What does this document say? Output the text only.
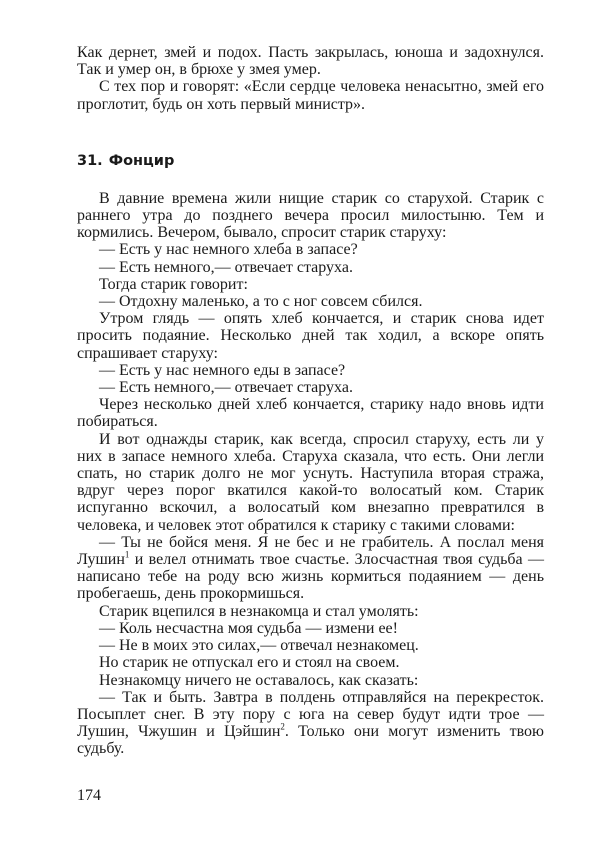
Как дернет, змей и подох. Пасть закрылась, юноша и задохнулся. Так и умер он, в брюхе у змея умер.

С тех пор и говорят: «Если сердце человека ненасытно, змей его проглотит, будь он хоть первый министр».

31. Фонцир

В давние времена жили нищие старик со старухой. Старик с раннего утра до позднего вечера просил милостыню. Тем и кормились. Вечером, бывало, спросит старик старуху:

— Есть у нас немного хлеба в запасе?

— Есть немного,— отвечает старуха.

Тогда старик говорит:

— Отдохну маленько, а то с ног совсем сбился.

Утром глядь — опять хлеб кончается, и старик снова идет просить подаяние. Несколько дней так ходил, а вскоре опять спрашивает старуху:

— Есть у нас немного еды в запасе?

— Есть немного,— отвечает старуха.

Через несколько дней хлеб кончается, старику надо вновь идти побираться.

И вот однажды старик, как всегда, спросил старуху, есть ли у них в запасе немного хлеба. Старуха сказала, что есть. Они легли спать, но старик долго не мог уснуть. Наступила вторая стража, вдруг через порог вкатился какой-то волосатый ком. Старик испуганно вскочил, а волосатый ком внезапно превратился в человека, и человек этот обратился к старику с такими словами:

— Ты не бойся меня. Я не бес и не грабитель. А послал меня Лушин$^1$ и велел отнимать твое счастье. Злосчастная твоя судьба — написано тебе на роду всю жизнь кормиться подаянием — день пробегаешь, день прокормишься.

Старик вцепился в незнакомца и стал умолять:

— Коль несчастна моя судьба — измени ее!

— Не в моих это силах,— отвечал незнакомец.

Но старик не отпускал его и стоял на своем.

Незнакомцу ничего не оставалось, как сказать:

— Так и быть. Завтра в полдень отправляйся на перекресток. Посыплет снег. В эту пору с юга на север будут идти трое — Лушин, Чжушин и Цэйшин$^2$. Только они могут изменить твою судьбу.

174
